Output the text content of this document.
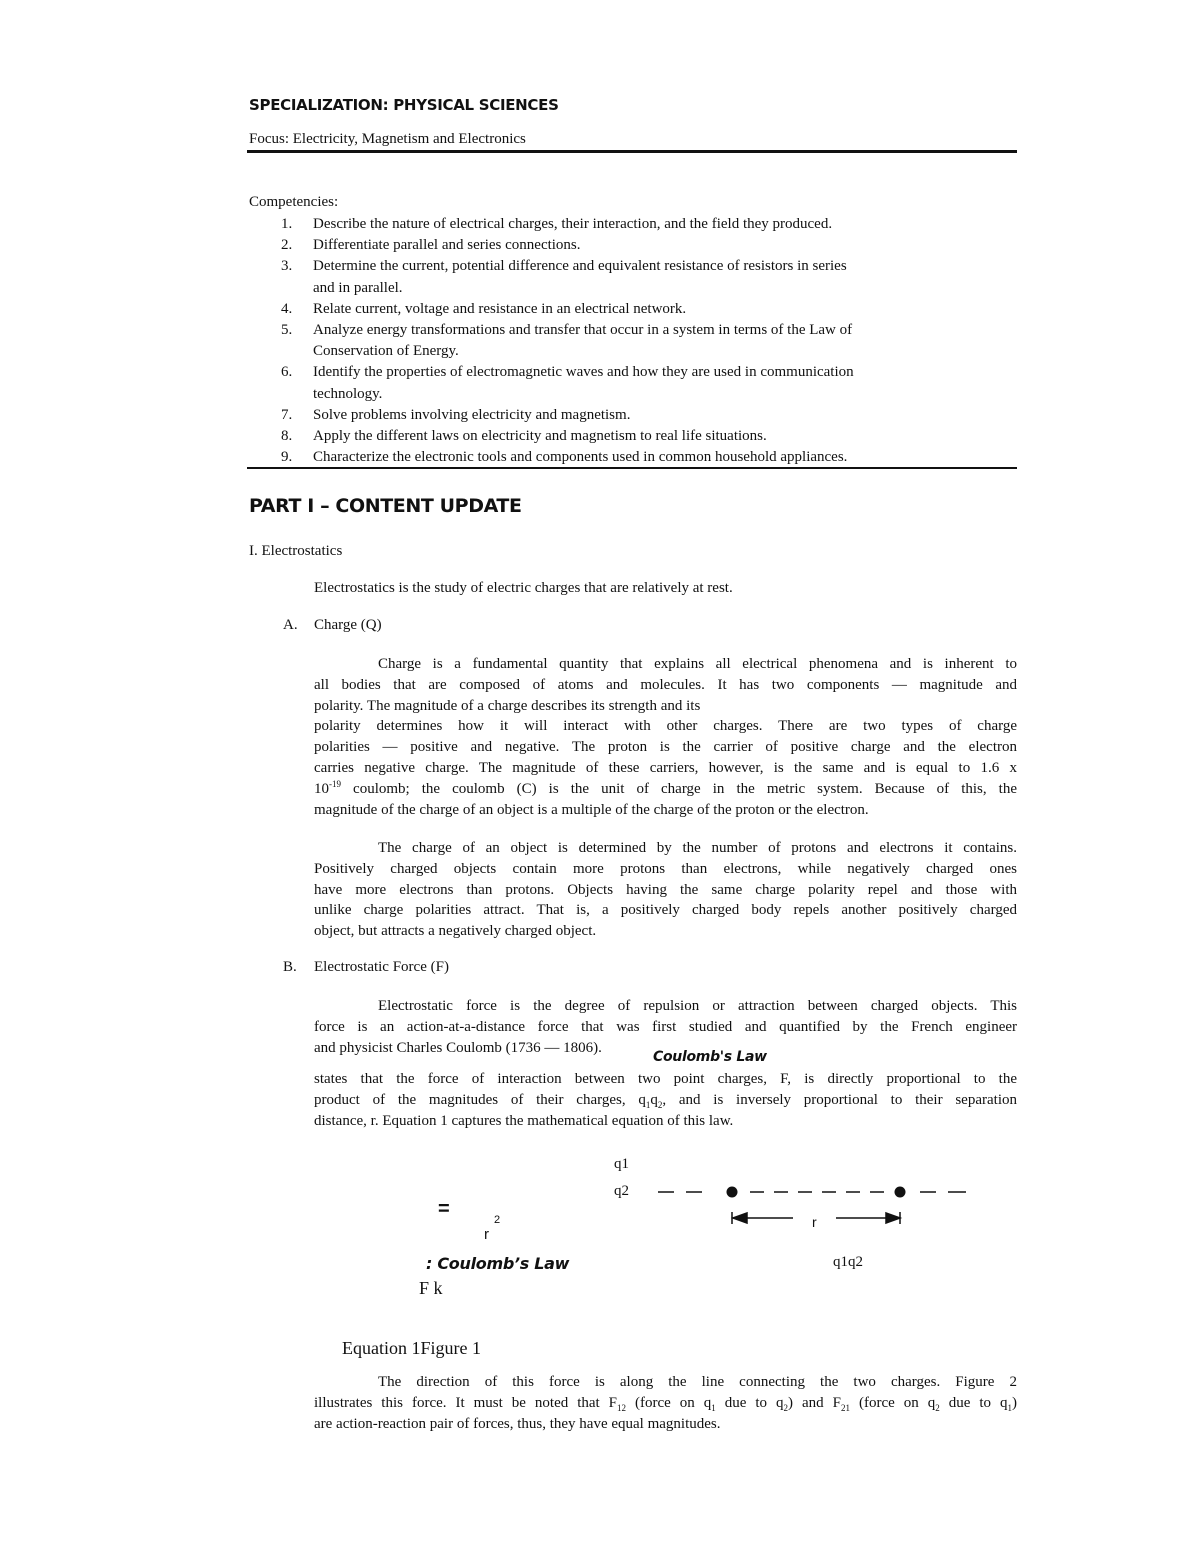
SPECIALIZATION: PHYSICAL SCIENCES
Focus: Electricity, Magnetism and Electronics
Competencies:
1. Describe the nature of electrical charges, their interaction, and the field they produced.
2. Differentiate parallel and series connections.
3. Determine the current, potential difference and equivalent resistance of resistors in series
and in parallel.
4. Relate current, voltage and resistance in an electrical network.
5. Analyze energy transformations and transfer that occur in a system in terms of the Law of
Conservation of Energy.
6. Identify the properties of electromagnetic waves and how they are used in communication
technology.
7. Solve problems involving electricity and magnetism.
8. Apply the different laws on electricity and magnetism to real life situations.
9. Characterize the electronic tools and components used in common household appliances.
PART I – CONTENT UPDATE
I. Electrostatics
Electrostatics is the study of electric charges that are relatively at rest.
A. Charge (Q)
Charge is a fundamental quantity that explains all electrical phenomena and is inherent to
all bodies that are composed of atoms and molecules. It has two components — magnitude and
polarity. The magnitude of a charge describes its strength and its
polarity determines how it will interact with other charges. There are two types of charge
polarities — positive and negative. The proton is the carrier of positive charge and the electron
carries negative charge. The magnitude of these carriers, however, is the same and is equal to 1.6 x
$10^{-19}$ coulomb; the coulomb (C) is the unit of charge in the metric system. Because of this, the
magnitude of the charge of an object is a multiple of the charge of the proton or the electron.
The charge of an object is determined by the number of protons and electrons it contains.
Positively charged objects contain more protons than electrons, while negatively charged ones
have more electrons than protons. Objects having the same charge polarity repel and those with
unlike charge polarities attract. That is, a positively charged body repels another positively charged
object, but attracts a negatively charged object.
B. Electrostatic Force (F)
Electrostatic force is the degree of repulsion or attraction between charged objects. This
force is an action-at-a-distance force that was first studied and quantified by the French engineer
and physicist Charles Coulomb (1736 — 1806).
Coulomb's Law
states that the force of interaction between two point charges, F, is directly proportional to the
product of the magnitudes of their charges, $q_1q_2$, and is inversely proportional to their separation
distance, r. Equation 1 captures the mathematical equation of this law.
q1
q2
r
=
r
2
: Coulomb’s Law	q1q2
F k
Equation 1Figure 1
The direction of this force is along the line connecting the two charges. Figure 2
illustrates this force. It must be noted that $F_{12}$ (force on $q_1$ due to $q_2$) and $F_{21}$ (force on $q_2$ due to $q_1$)
are action-reaction pair of forces, thus, they have equal magnitudes.
